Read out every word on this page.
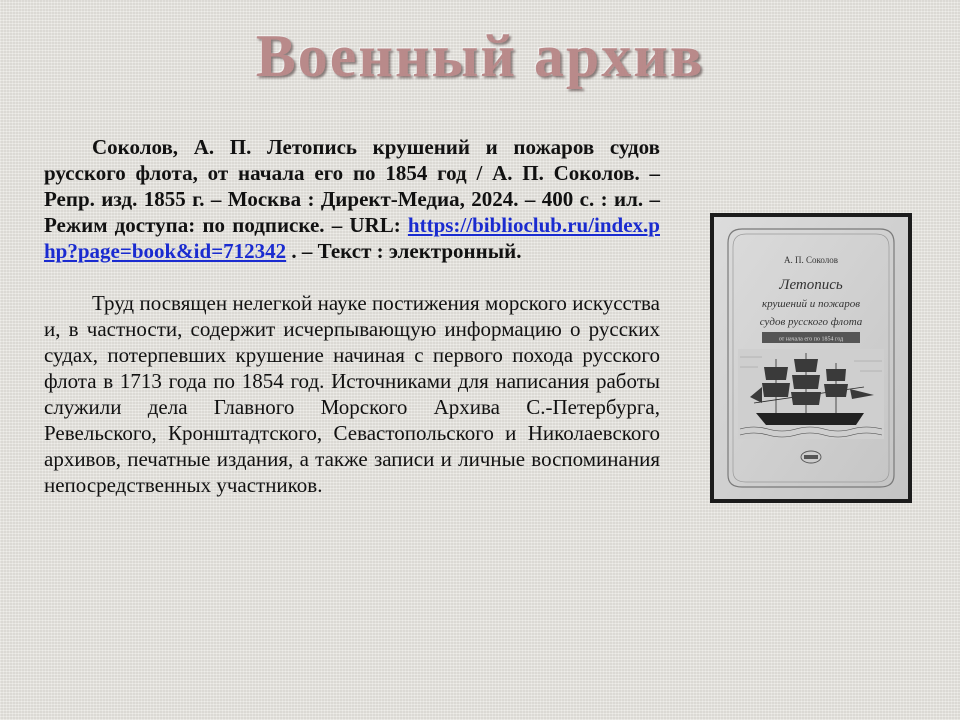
Военный архив

Соколов, А. П. Летопись крушений и пожаров судов русского флота, от начала его по 1854 год / А. П. Соколов. – Репр. изд. 1855 г. – Москва : Директ-Медиа, 2024. – 400 с. : ил. – Режим доступа: по подписке. – URL: https://biblioclub.ru/index.php?page=book&id=712342 . – Текст : электронный.

Труд посвящен нелегкой науке постижения морского искусства и, в частности, содержит исчерпывающую информацию о русских судах, потерпевших крушение начиная с первого похода русского флота в 1713 года по 1854 год. Источниками для написания работы служили дела Главного Морского Архива С.-Петербурга, Ревельского, Кронштадтского, Севастопольского и Николаевского архивов, печатные издания, а также записи и личные воспоминания непосредственных участников.

А. П. Соколов
Летопись
крушений и пожаров
судов русского флота
от начала его по 1854 год
